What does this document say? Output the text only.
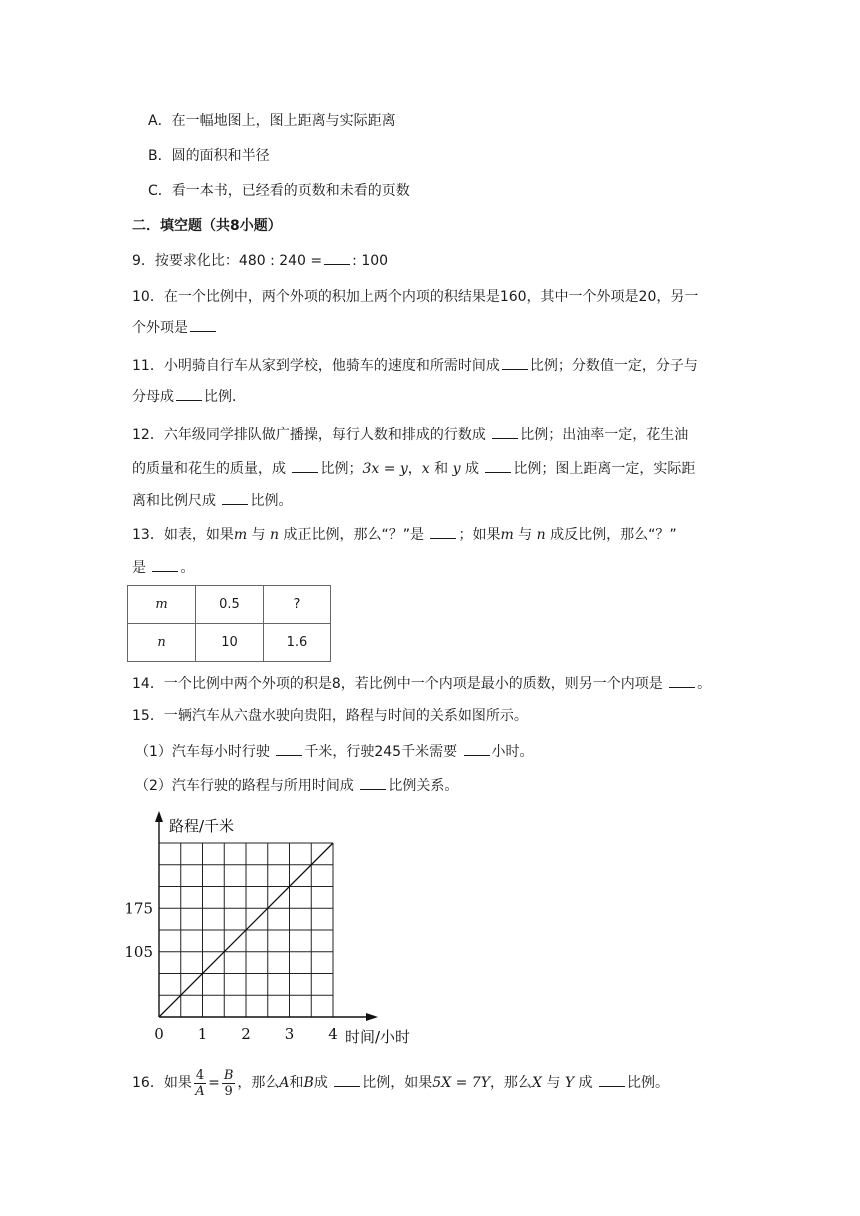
A．在一幅地图上，图上距离与实际距离
B．圆的面积和半径
C．看一本书，已经看的页数和未看的页数
二．填空题（共8小题）
9．按要求化比：480 : 240 = : 100
10．在一个比例中，两个外项的积加上两个内项的积结果是160，其中一个外项是20，另一
个外项是
11．小明骑自行车从家到学校，他骑车的速度和所需时间成 比例；分数值一定，分子与
分母成 比例．
12．六年级同学排队做广播操，每行人数和排成的行数成 比例；出油率一定，花生油
的质量和花生的质量，成 比例；3x = y，x 和 y 成 比例；图上距离一定，实际距
离和比例尺成 比例。
13．如表，如果m 与 n 成正比例，那么“？”是 ；如果m 与 n 成反比例，那么“？”
是 。
m	0.5	?
n	10	1.6
14．一个比例中两个外项的积是8，若比例中一个内项是最小的质数，则另一个内项是 。
15．一辆汽车从六盘水驶向贵阳，路程与时间的关系如图所示。
（1）汽车每小时行驶 千米，行驶245千米需要 小时。
（2）汽车行驶的路程与所用时间成 比例关系。
0 1 2 3 4
105
175
路程/千米
时间/小时
16．如果 $\frac{4}{A} = \frac{B}{9}$ ，那么A和B成 比例，如果5X = 7Y，那么X 与 Y 成 比例。
